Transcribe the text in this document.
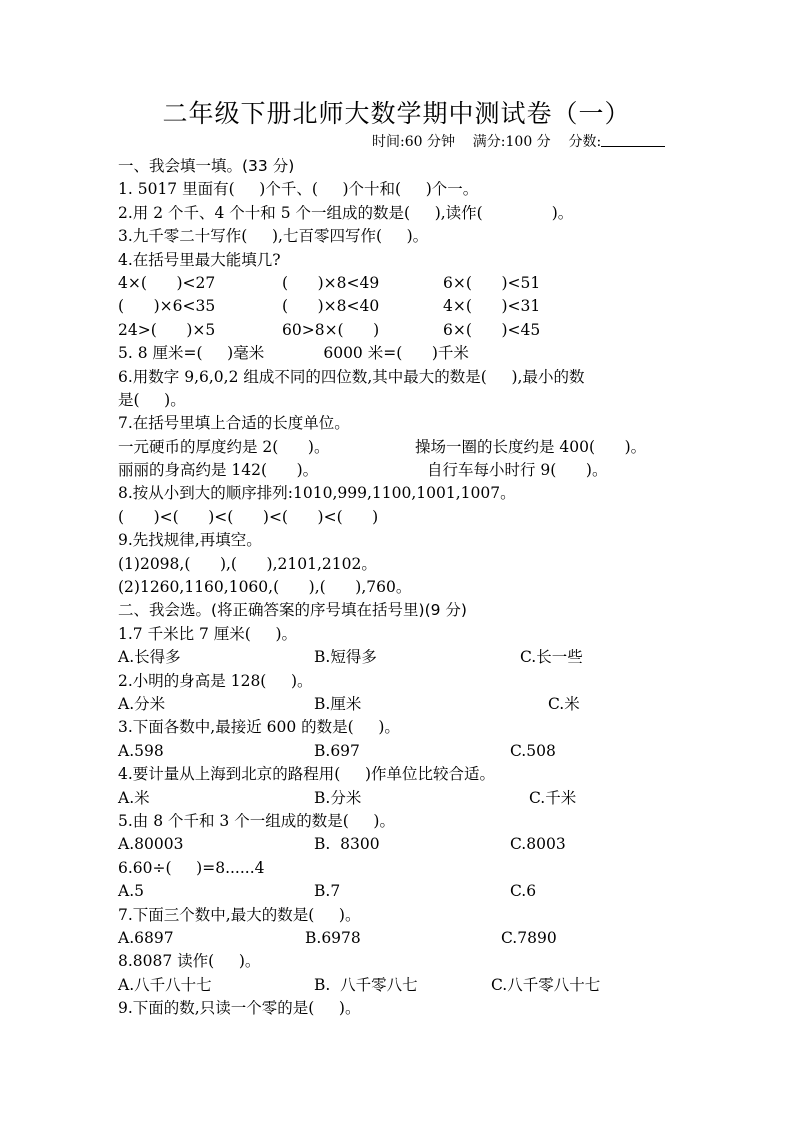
二年级下册北师大数学期中测试卷（一）
时间:60 分钟 满分:100 分 分数:
一、我会填一填。(33 分)
1. 5017 里面有(     )个千、(     )个十和(     )个一。
2.用 2 个千、4 个十和 5 个一组成的数是(     ),读作(              )。
3.九千零二十写作(     ),七百零四写作(     )。
4.在括号里最大能填几?

4×(      )<27

	(      )×8<49

	6×(      )<51

(      )×6<35

	(      )×8<40

	4×(      )<31

24>(      )×5

	60>8×(      )

	6×(      )<45

5. 8 厘米=(     )毫米            6000 米=(      )千米
6.用数字 9,6,0,2 组成不同的四位数,其中最大的数是(     ),最小的数
是(     )。
7.在括号里填上合适的长度单位。

一元硬币的厚度约是 2(      )。

	操场一圈的长度约是 400(      )。

丽丽的身高约是 142(      )。

	自行车每小时行 9(      )。

8.按从小到大的顺序排列:1010,999,1100,1001,1007。
(      )<(      )<(      )<(      )<(      )
9.先找规律,再填空。
(1)2098,(      ),(      ),2101,2102。
(2)1260,1160,1060,(      ),(      ),760。
二、我会选。(将正确答案的序号填在括号里)(9 分)
1.7 千米比 7 厘米(     )。

A.长得多

	B.短得多

	C.长一些

2.小明的身高是 128(     )。

A.分米

	B.厘米

	C.米

3.下面各数中,最接近 600 的数是(     )。

A.598

	B.697

	C.508

4.要计量从上海到北京的路程用(     )作单位比较合适。

A.米

	B.分米

	C.千米

5.由 8 个千和 3 个一组成的数是(     )。

A.80003

	B.  8300

	C.8003

6.60÷(     )=8......4

A.5

	B.7

	C.6

7.下面三个数中,最大的数是(     )。

A.6897

	B.6978

	C.7890

8.8087 读作(     )。

A.八千八十七

	B.  八千零八七

	C.八千零八十七

9.下面的数,只读一个零的是(     )。
